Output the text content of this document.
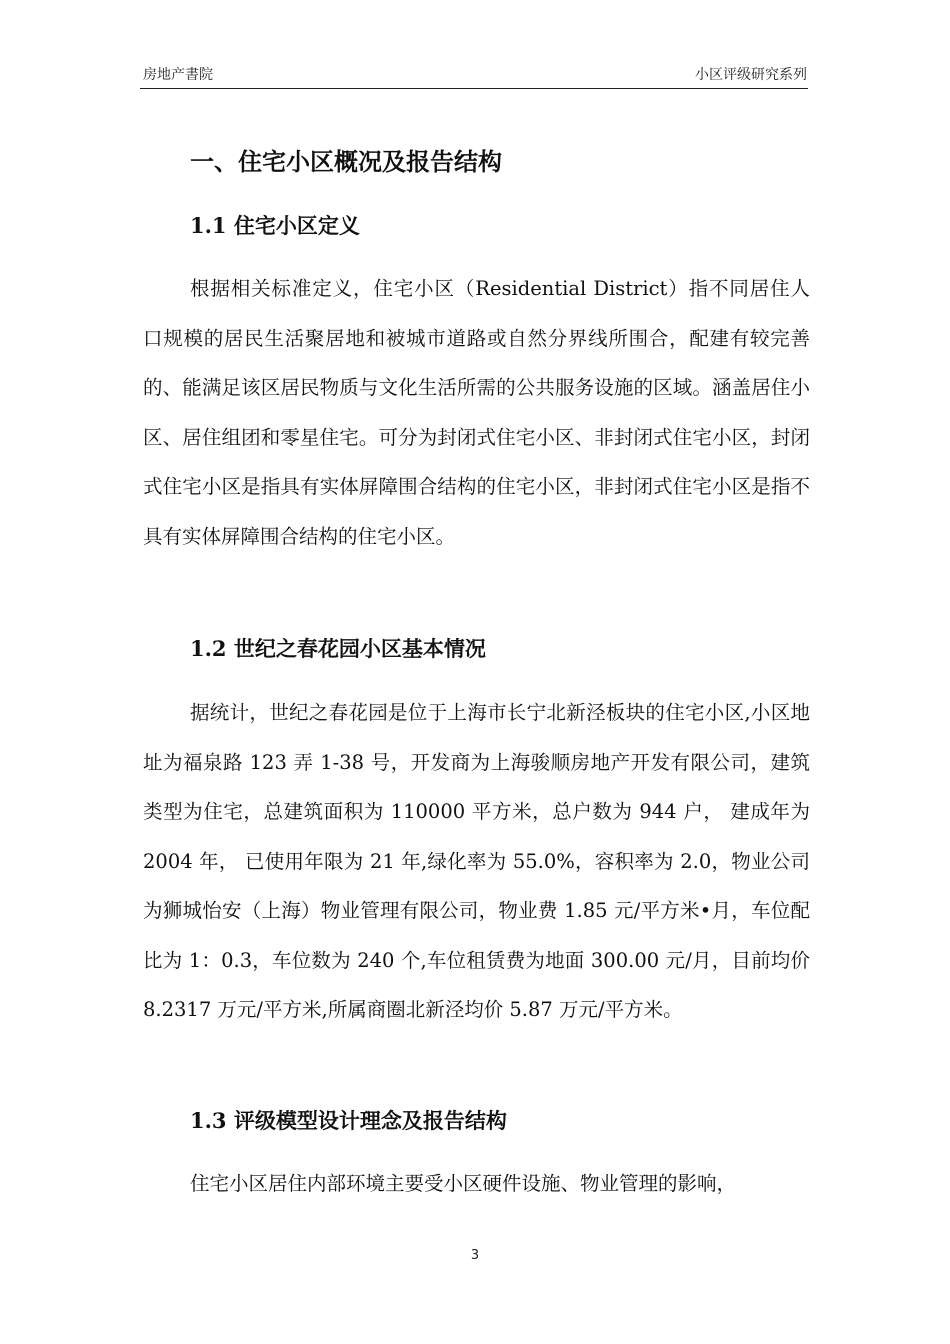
房地产書院	小区评级研究系列
一、住宅小区概况及报告结构
1.1 住宅小区定义

根据相关标准定义，住宅小区（Residential District）指不同居住人口规模的居民生活聚居地和被城市道路或自然分界线所围合，配建有较完善的、能满足该区居民物质与文化生活所需的公共服务设施的区域。涵盖居住小区、居住组团和零星住宅。可分为封闭式住宅小区、非封闭式住宅小区，封闭式住宅小区是指具有实体屏障围合结构的住宅小区，非封闭式住宅小区是指不具有实体屏障围合结构的住宅小区。

1.2 世纪之春花园小区基本情况

据统计，世纪之春花园是位于上海市长宁北新泾板块的住宅小区,小区地址为福泉路 123 弄 1-38 号，开发商为上海骏顺房地产开发有限公司，建筑类型为住宅，总建筑面积为 110000 平方米，总户数为 944 户， 建成年为 2004 年， 已使用年限为 21 年,绿化率为 55.0%，容积率为 2.0，物业公司为狮城怡安（上海）物业管理有限公司，物业费 1.85 元/平方米•月，车位配比为 1：0.3，车位数为 240 个,车位租赁费为地面 300.00 元/月，目前均价 8.2317 万元/平方米,所属商圈北新泾均价 5.87 万元/平方米。

1.3 评级模型设计理念及报告结构

住宅小区居住内部环境主要受小区硬件设施、物业管理的影响，

3
